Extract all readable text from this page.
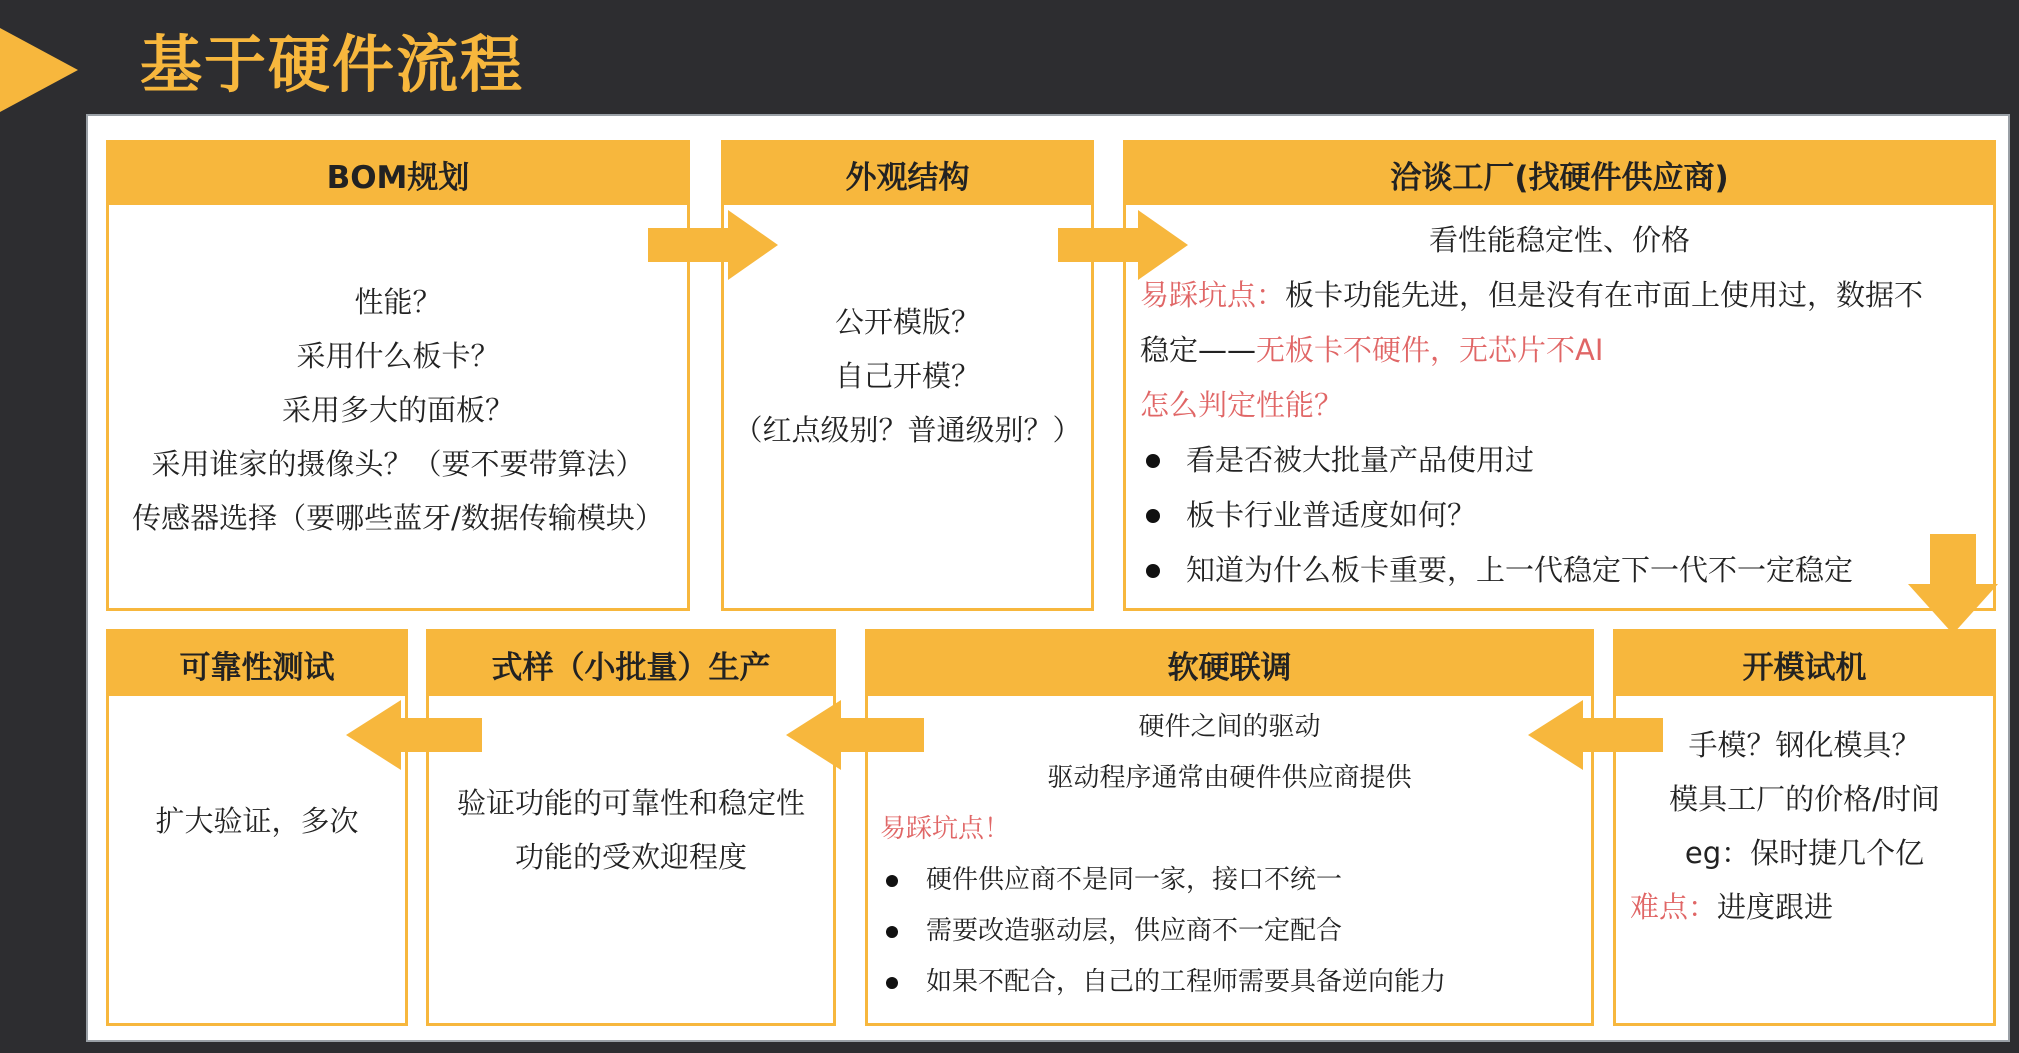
基于硬件流程
BOM规划
性能？
采用什么板卡？
采用多大的面板？
采用谁家的摄像头？（要不要带算法）
传感器选择（要哪些蓝牙/数据传输模块）
外观结构
公开模版？
自己开模？
（红点级别？普通级别？）
洽谈工厂(找硬件供应商)
看性能稳定性、价格
易踩坑点：板卡功能先进，但是没有在市面上使用过，数据不
稳定——无板卡不硬件，无芯片不AI
怎么判定性能？
看是否被大批量产品使用过
板卡行业普适度如何？
知道为什么板卡重要，上一代稳定下一代不一定稳定
可靠性测试
扩大验证，多次
式样（小批量）生产
验证功能的可靠性和稳定性
功能的受欢迎程度
软硬联调
硬件之间的驱动
驱动程序通常由硬件供应商提供
易踩坑点！
硬件供应商不是同一家，接口不统一
需要改造驱动层，供应商不一定配合
如果不配合，自己的工程师需要具备逆向能力
开模试机
手模？钢化模具？
模具工厂的价格/时间
eg：保时捷几个亿
难点：进度跟进
